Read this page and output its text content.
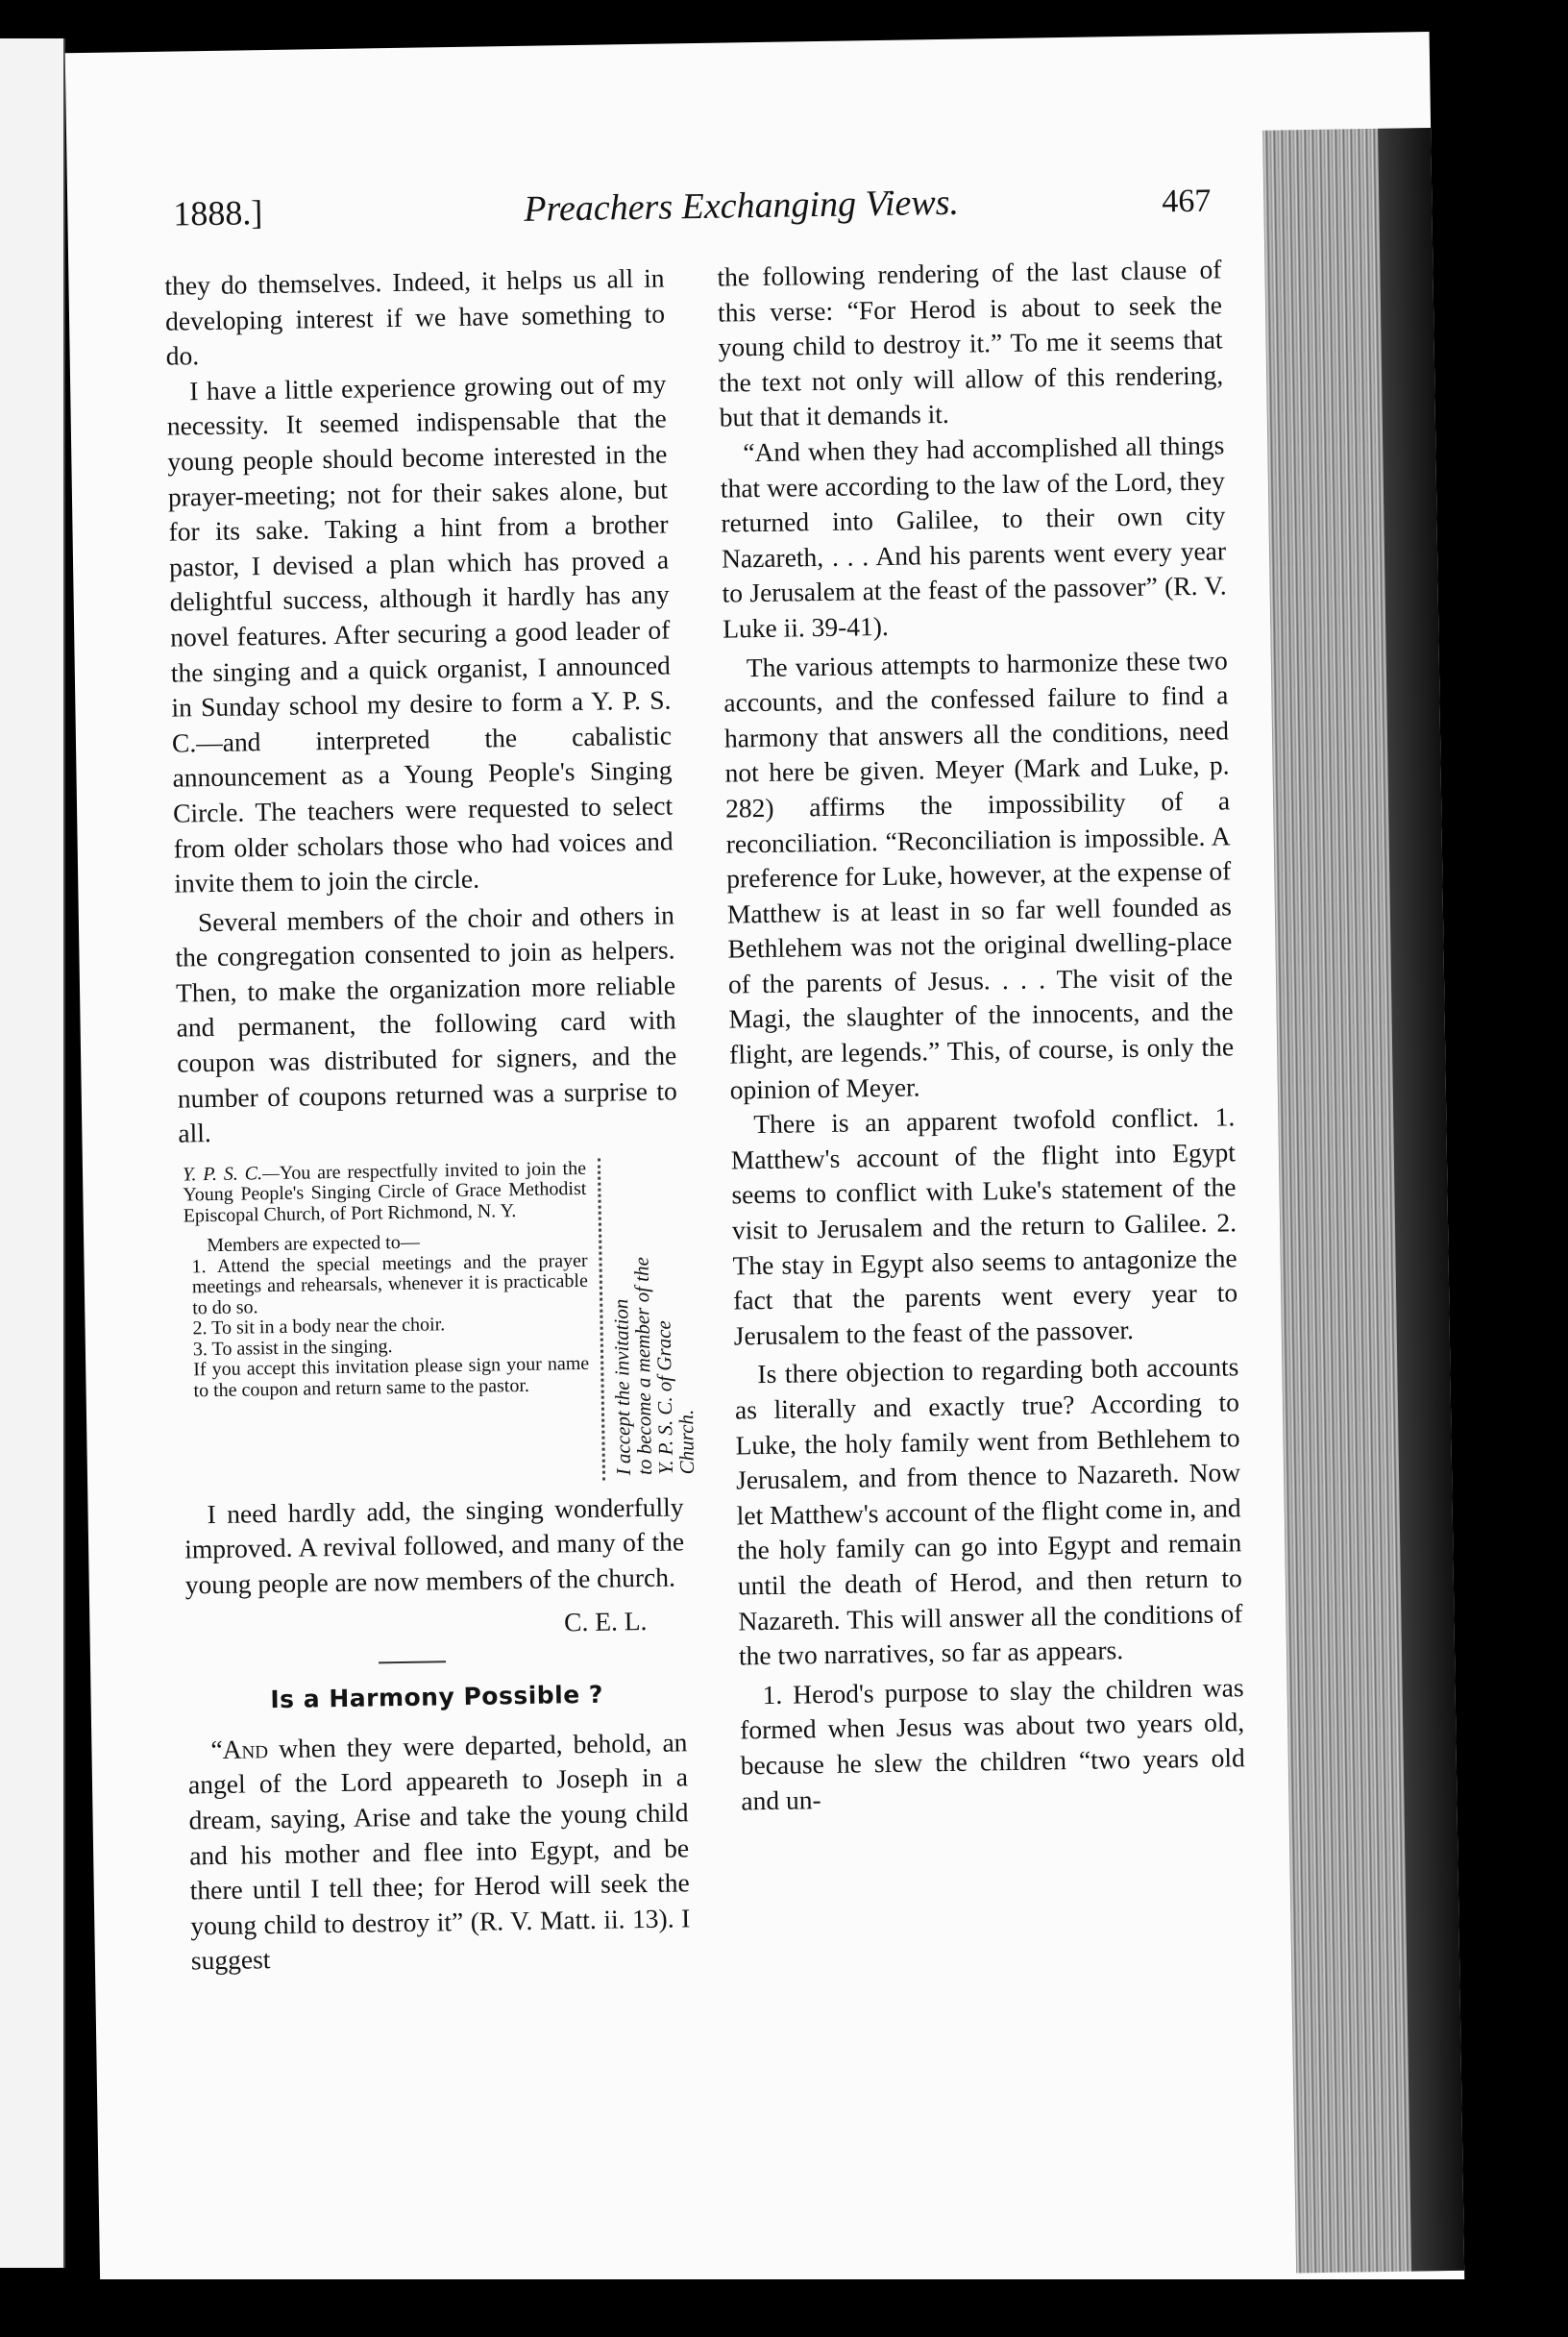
1888.]	Preachers Exchanging Views.	467

they do themselves. Indeed, it helps us all in developing interest if we have something to do.

I have a little experience growing out of my necessity. It seemed indispensable that the young people should become interested in the prayer-meeting; not for their sakes alone, but for its sake. Taking a hint from a brother pastor, I devised a plan which has proved a delightful success, although it hardly has any novel features. After securing a good leader of the singing and a quick organist, I announced in Sunday school my desire to form a Y. P. S. C.—and interpreted the cabalistic announcement as a Young People's Singing Circle. The teachers were requested to select from older scholars those who had voices and invite them to join the circle.

Several members of the choir and others in the congregation consented to join as helpers. Then, to make the organization more reliable and permanent, the following card with coupon was distributed for signers, and the number of coupons returned was a surprise to all.

Y. P. S. C.—You are respectfully invited to join the Young People's Singing Circle of Grace Methodist Episcopal Church, of Port Richmond, N. Y.

Members are expected to—

1. Attend the special meetings and the prayer meetings and rehearsals, whenever it is practicable to do so.

2. To sit in a body near the choir.

3. To assist in the singing.

If you accept this invitation please sign your name to the coupon and return same to the pastor.	I accept the invitation
to become a member of the
Y. P. S. C. of Grace
Church.

I need hardly add, the singing wonderfully improved. A revival followed, and many of the young people are now members of the church.

C. E. L.
Is a Harmony Possible ?

“And when they were departed, behold, an angel of the Lord appeareth to Joseph in a dream, saying, Arise and take the young child and his mother and flee into Egypt, and be there until I tell thee; for Herod will seek the young child to destroy it” (R. V. Matt. ii. 13). I suggest

the following rendering of the last clause of this verse: “For Herod is about to seek the young child to destroy it.” To me it seems that the text not only will allow of this rendering, but that it demands it.

“And when they had accomplished all things that were according to the law of the Lord, they returned into Galilee, to their own city Nazareth, . . . And his parents went every year to Jerusalem at the feast of the passover” (R. V. Luke ii. 39-41).

The various attempts to harmonize these two accounts, and the confessed failure to find a harmony that answers all the conditions, need not here be given. Meyer (Mark and Luke, p. 282) affirms the impossibility of a reconciliation. “Reconciliation is impossible. A preference for Luke, however, at the expense of Matthew is at least in so far well founded as Bethlehem was not the original dwelling-place of the parents of Jesus. . . . The visit of the Magi, the slaughter of the innocents, and the flight, are legends.” This, of course, is only the opinion of Meyer.

There is an apparent twofold conflict. 1. Matthew's account of the flight into Egypt seems to conflict with Luke's statement of the visit to Jerusalem and the return to Galilee. 2. The stay in Egypt also seems to antagonize the fact that the parents went every year to Jerusalem to the feast of the passover.

Is there objection to regarding both accounts as literally and exactly true? According to Luke, the holy family went from Bethlehem to Jerusalem, and from thence to Nazareth. Now let Matthew's account of the flight come in, and the holy family can go into Egypt and remain until the death of Herod, and then return to Nazareth. This will answer all the conditions of the two narratives, so far as appears.

1. Herod's purpose to slay the children was formed when Jesus was about two years old, because he slew the children “two years old and un-
